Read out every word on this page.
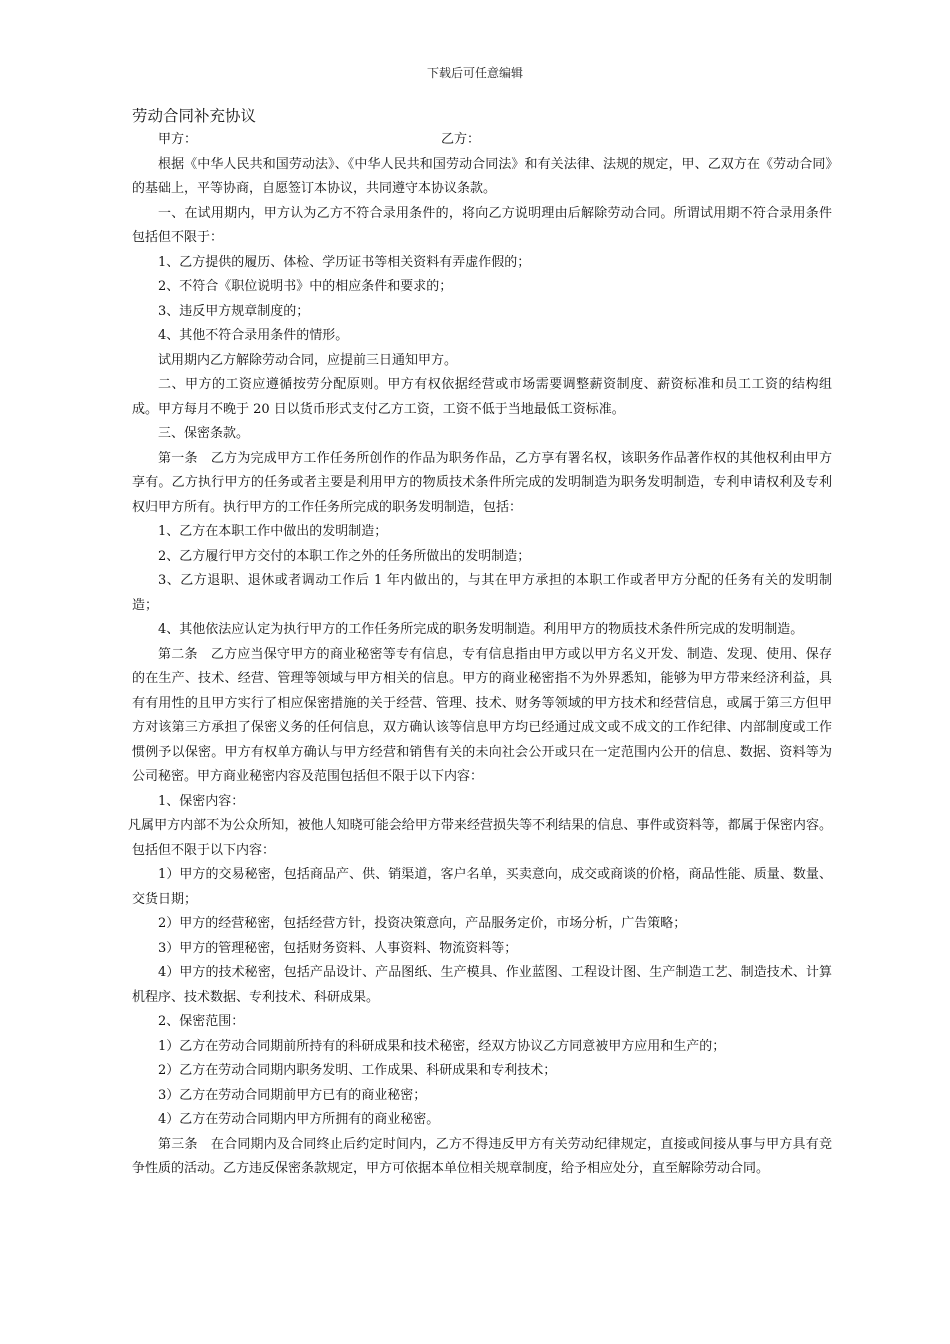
下载后可任意编辑
劳动合同补充协议
甲方：	乙方：

根据《中华人民共和国劳动法》、《中华人民共和国劳动合同法》和有关法律、法规的规定，甲、乙双方在《劳动合同》的基础上，平等协商，自愿签订本协议，共同遵守本协议条款。

一、在试用期内，甲方认为乙方不符合录用条件的，将向乙方说明理由后解除劳动合同。所谓试用期不符合录用条件包括但不限于：

1、乙方提供的履历、体检、学历证书等相关资料有弄虚作假的；

2、不符合《职位说明书》中的相应条件和要求的；

3、违反甲方规章制度的；

4、其他不符合录用条件的情形。

试用期内乙方解除劳动合同，应提前三日通知甲方。

二、甲方的工资应遵循按劳分配原则。甲方有权依据经营或市场需要调整薪资制度、薪资标准和员工工资的结构组成。甲方每月不晚于 20 日以货币形式支付乙方工资，工资不低于当地最低工资标准。

三、保密条款。

第一条　乙方为完成甲方工作任务所创作的作品为职务作品，乙方享有署名权，该职务作品著作权的其他权利由甲方享有。乙方执行甲方的任务或者主要是利用甲方的物质技术条件所完成的发明制造为职务发明制造，专利申请权利及专利权归甲方所有。执行甲方的工作任务所完成的职务发明制造，包括：

1、乙方在本职工作中做出的发明制造；

2、乙方履行甲方交付的本职工作之外的任务所做出的发明制造；

3、乙方退职、退休或者调动工作后 1 年内做出的，与其在甲方承担的本职工作或者甲方分配的任务有关的发明制造；

4、其他依法应认定为执行甲方的工作任务所完成的职务发明制造。利用甲方的物质技术条件所完成的发明制造。

第二条　乙方应当保守甲方的商业秘密等专有信息，专有信息指由甲方或以甲方名义开发、制造、发现、使用、保存的在生产、技术、经营、管理等领域与甲方相关的信息。甲方的商业秘密指不为外界悉知，能够为甲方带来经济利益，具有有用性的且甲方实行了相应保密措施的关于经营、管理、技术、财务等领域的甲方技术和经营信息，或属于第三方但甲方对该第三方承担了保密义务的任何信息，双方确认该等信息甲方均已经通过成文或不成文的工作纪律、内部制度或工作惯例予以保密。甲方有权单方确认与甲方经营和销售有关的未向社会公开或只在一定范围内公开的信息、数据、资料等为公司秘密。甲方商业秘密内容及范围包括但不限于以下内容：

1、保密内容：

凡属甲方内部不为公众所知，被他人知晓可能会给甲方带来经营损失等不利结果的信息、事件或资料等，都属于保密内容。包括但不限于以下内容：

1）甲方的交易秘密，包括商品产、供、销渠道，客户名单，买卖意向，成交或商谈的价格，商品性能、质量、数量、交货日期；

2）甲方的经营秘密，包括经营方针，投资决策意向，产品服务定价，市场分析，广告策略；

3）甲方的管理秘密，包括财务资料、人事资料、物流资料等；

4）甲方的技术秘密，包括产品设计、产品图纸、生产模具、作业蓝图、工程设计图、生产制造工艺、制造技术、计算机程序、技术数据、专利技术、科研成果。

2、保密范围：

1）乙方在劳动合同期前所持有的科研成果和技术秘密，经双方协议乙方同意被甲方应用和生产的；

2）乙方在劳动合同期内职务发明、工作成果、科研成果和专利技术；

3）乙方在劳动合同期前甲方已有的商业秘密；

4）乙方在劳动合同期内甲方所拥有的商业秘密。

第三条　在合同期内及合同终止后约定时间内，乙方不得违反甲方有关劳动纪律规定，直接或间接从事与甲方具有竞争性质的活动。乙方违反保密条款规定，甲方可依据本单位相关规章制度，给予相应处分，直至解除劳动合同。
